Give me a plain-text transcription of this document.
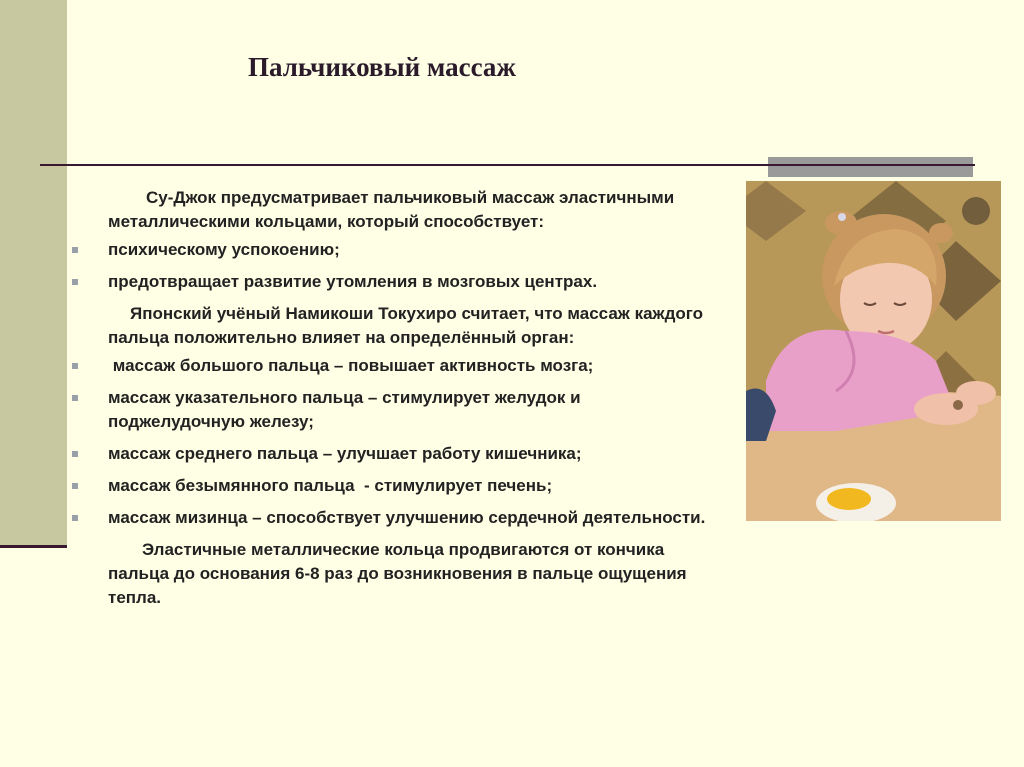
Пальчиковый массаж
Су-Джок предусматривает пальчиковый массаж эластичными металлическими кольцами, который способствует:
психическому успокоению;
предотвращает развитие утомления в мозговых центрах.
Японский учёный Намикоши Токухиро считает, что массаж каждого пальца положительно влияет на определённый орган:
массаж большого пальца – повышает активность мозга;
массаж указательного пальца – стимулирует желудок и поджелудочную железу;
массаж среднего пальца – улучшает работу кишечника;
массаж безымянного пальца  - стимулирует печень;
массаж мизинца – способствует улучшению сердечной деятельности.
Эластичные металлические кольца продвигаются от кончика пальца до основания 6-8 раз до возникновения в пальце ощущения тепла.
